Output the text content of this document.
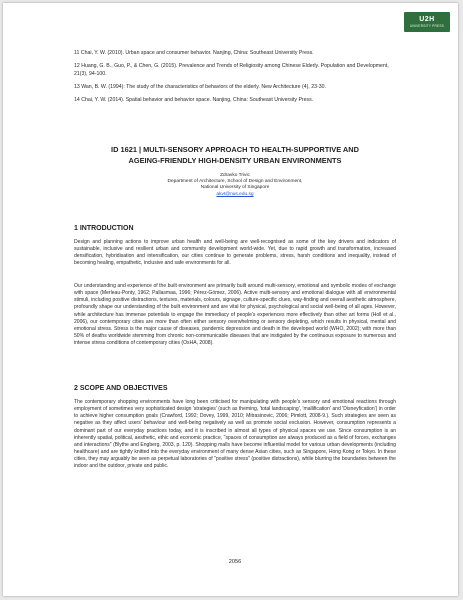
U2H
UNIVERSITY PRESS
11 Chai, Y. W. (2010). Urban space and consumer behavior. Nanjing, China: Southeast University Press.
12 Huang, G. B., Guo, P., & Chen, G. (2015). Prevalence and Trends of Religiosity among Chinese Elderly. Population and Development, 21(3), 94-100.
13 Wan, B. W. (1994): The study of the characteristics of behaviors of the elderly. New Architecture (4), 23-30.
14 Chai, Y. W. (2014). Spatial behavior and behavior space. Nanjing, China: Southeast University Press.
ID 1621 | MULTI-SENSORY APPROACH TO HEALTH-SUPPORTIVE AND
AGEING-FRIENDLY HIGH-DENSITY URBAN ENVIRONMENTS
Zdravko Trivic
Department of Architecture, School of Design and Environment,
National University of Singapore
akvt@nus.edu.sg
1 INTRODUCTION
Design and planning actions to improve urban health and well-being are well-recognised as some of the key drivers and indicators of sustainable, inclusive and resilient urban and community development world-wide. Yet, due to rapid growth and transformation, increased densification, hybridisation and intensification, our cities continue to generate problems, stress, harsh conditions and inequality, instead of becoming healing, empathetic, inclusive and safe environments for all.
Our understanding and experience of the built environment are primarily built around multi-sensory, emotional and symbolic modes of exchange with space (Merleau-Ponty, 1962; Pallasmaa, 1996; Pérez-Gómez, 2006). Active multi-sensory and emotional dialogue with all environmental stimuli, including positive distractions, textures, materials, colours, signage, culture-specific clues, way-finding and overall aesthetic atmosphere, profoundly shape our understanding of the built environment and are vital for physical, psychological and social well-being of all ages. However, while architecture has immense potentials to engage the immediacy of people's experiences more effectively than other art forms (Holl et al., 2006), our contemporary cities are more than often either sensory overwhelming or sensory depleting, which results in physical, mental and emotional stress. Stress is the major cause of diseases, pandemic depression and death in the developed world (WHO, 2002); with more than 50% of deaths worldwide stemming from chronic non-communicable diseases that are instigated by the continuous exposure to numerous and intense stress conditions of contemporary cities (OsHA, 2008).
2 SCOPE AND OBJECTIVES
The contemporary shopping environments have long been criticised for manipulating with people's sensory and emotional reactions through employment of sometimes very sophisticated design 'strategies' (such as theming, 'total landscaping', 'mallification' and 'Disneyfication') in order to achieve higher consumption goals (Crawford, 1992; Dovey, 1999, 2010; Mitrasinovic, 2006; Pimlott, 2008-9.). Such strategies are seen as negative as they affect users' behaviour and well-being negatively as well as promote social exclusion. However, consumption represents a dominant part of our everyday practices today, and it is inscribed in almost all types of physical spaces we use. Since consumption is an inherently spatial, political, aesthetic, ethic and economic practice, "spaces of consumption are always produced as a field of forces, exchanges and interactions" (Blythe and Engberg, 2003, p. 120). Shopping malls have become influential model for various urban developments (including healthcare) and are tightly knitted into the everyday environment of many dense Asian cities, such as Singapore, Hong Kong or Tokyo. In these cities, they may arguably be seen as perpetual laboratories of "positive stress" (positive distractions), while blurring the boundaries between the indoor and the outdoor, private and public.
2056
